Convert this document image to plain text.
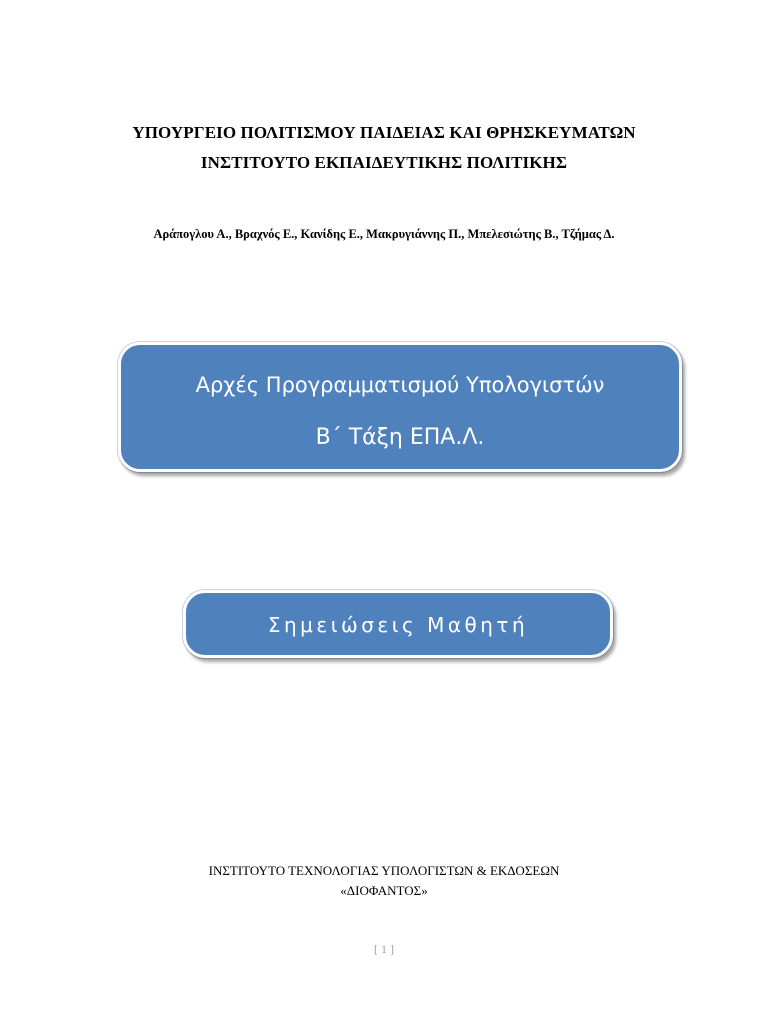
ΥΠΟΥΡΓΕΙΟ ΠΟΛΙΤΙΣΜΟΥ ΠΑΙΔΕΙΑΣ ΚΑΙ ΘΡΗΣΚΕΥΜΑΤΩΝ
ΙΝΣΤΙΤΟΥΤΟ ΕΚΠΑΙΔΕΥΤΙΚΗΣ ΠΟΛΙΤΙΚΗΣ
Αράπογλου Α., Βραχνός Ε., Κανίδης Ε., Μακρυγιάννης Π., Μπελεσιώτης Β., Τζήμας Δ.
Αρχές Προγραμματισμού Υπολογιστών
Β΄ Τάξη ΕΠΑ.Λ.
Σημειώσεις Μαθητή
ΙΝΣΤΙΤΟΥΤΟ ΤΕΧΝΟΛΟΓΙΑΣ ΥΠΟΛΟΓΙΣΤΩΝ & ΕΚΔΟΣΕΩΝ
«ΔΙΟΦΑΝΤΟΣ»
[ 1 ]
